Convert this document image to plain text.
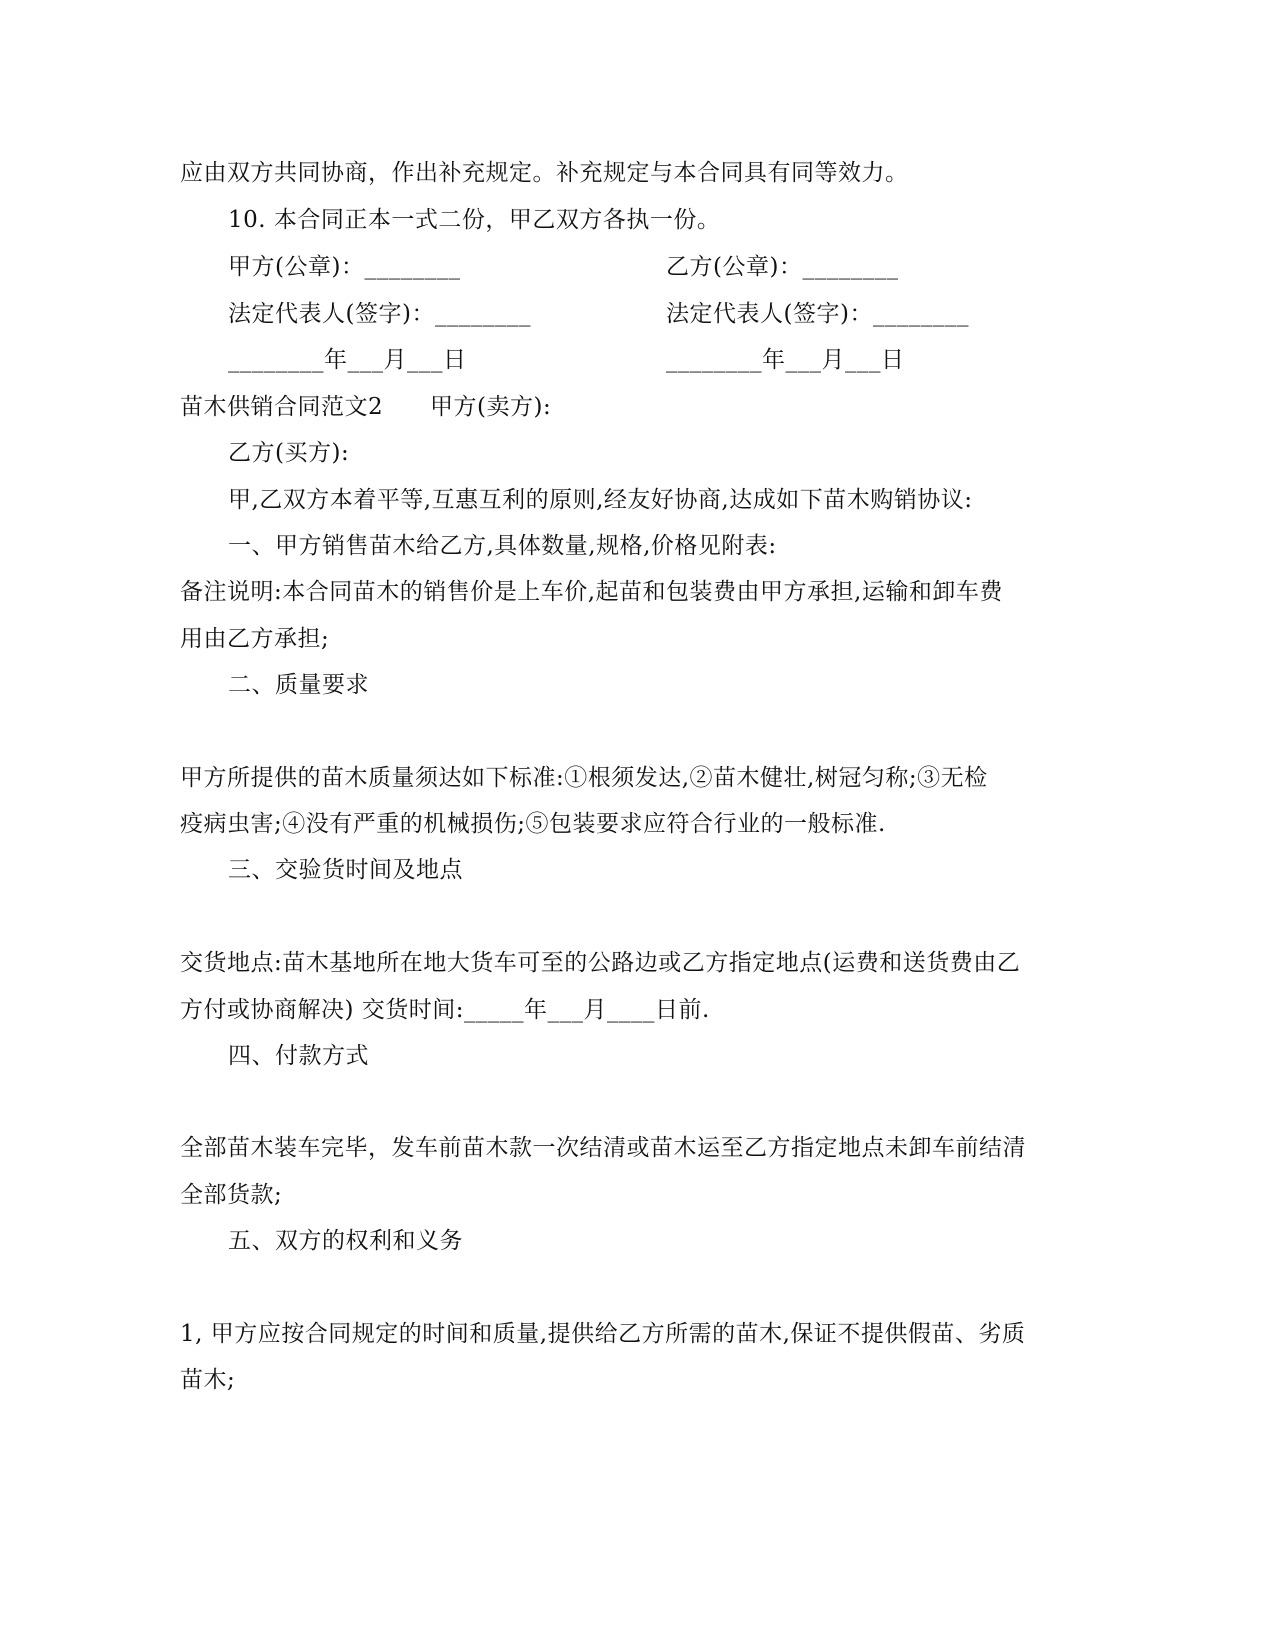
应由双方共同协商，作出补充规定。补充规定与本合同具有同等效力。
10. 本合同正本一式二份，甲乙双方各执一份。
甲方(公章)：________	乙方(公章)：________
法定代表人(签字)：________	法定代表人(签字)：________
________年___月___日	________年___月___日
苗木供销合同范文2 甲方(卖方):
乙方(买方):
甲,乙双方本着平等,互惠互利的原则,经友好协商,达成如下苗木购销协议:
一、甲方销售苗木给乙方,具体数量,规格,价格见附表:
备注说明:本合同苗木的销售价是上车价,起苗和包装费由甲方承担,运输和卸车费
用由乙方承担;
二、质量要求
甲方所提供的苗木质量须达如下标准:①根须发达,②苗木健壮,树冠匀称;③无检
疫病虫害;④没有严重的机械损伤;⑤包装要求应符合行业的一般标准.
三、交验货时间及地点
交货地点:苗木基地所在地大货车可至的公路边或乙方指定地点(运费和送货费由乙
方付或协商解决) 交货时间:_____年___月____日前.
四、付款方式
全部苗木装车完毕，发车前苗木款一次结清或苗木运至乙方指定地点未卸车前结清
全部货款;
五、双方的权利和义务
1, 甲方应按合同规定的时间和质量,提供给乙方所需的苗木,保证不提供假苗、劣质
苗木;
